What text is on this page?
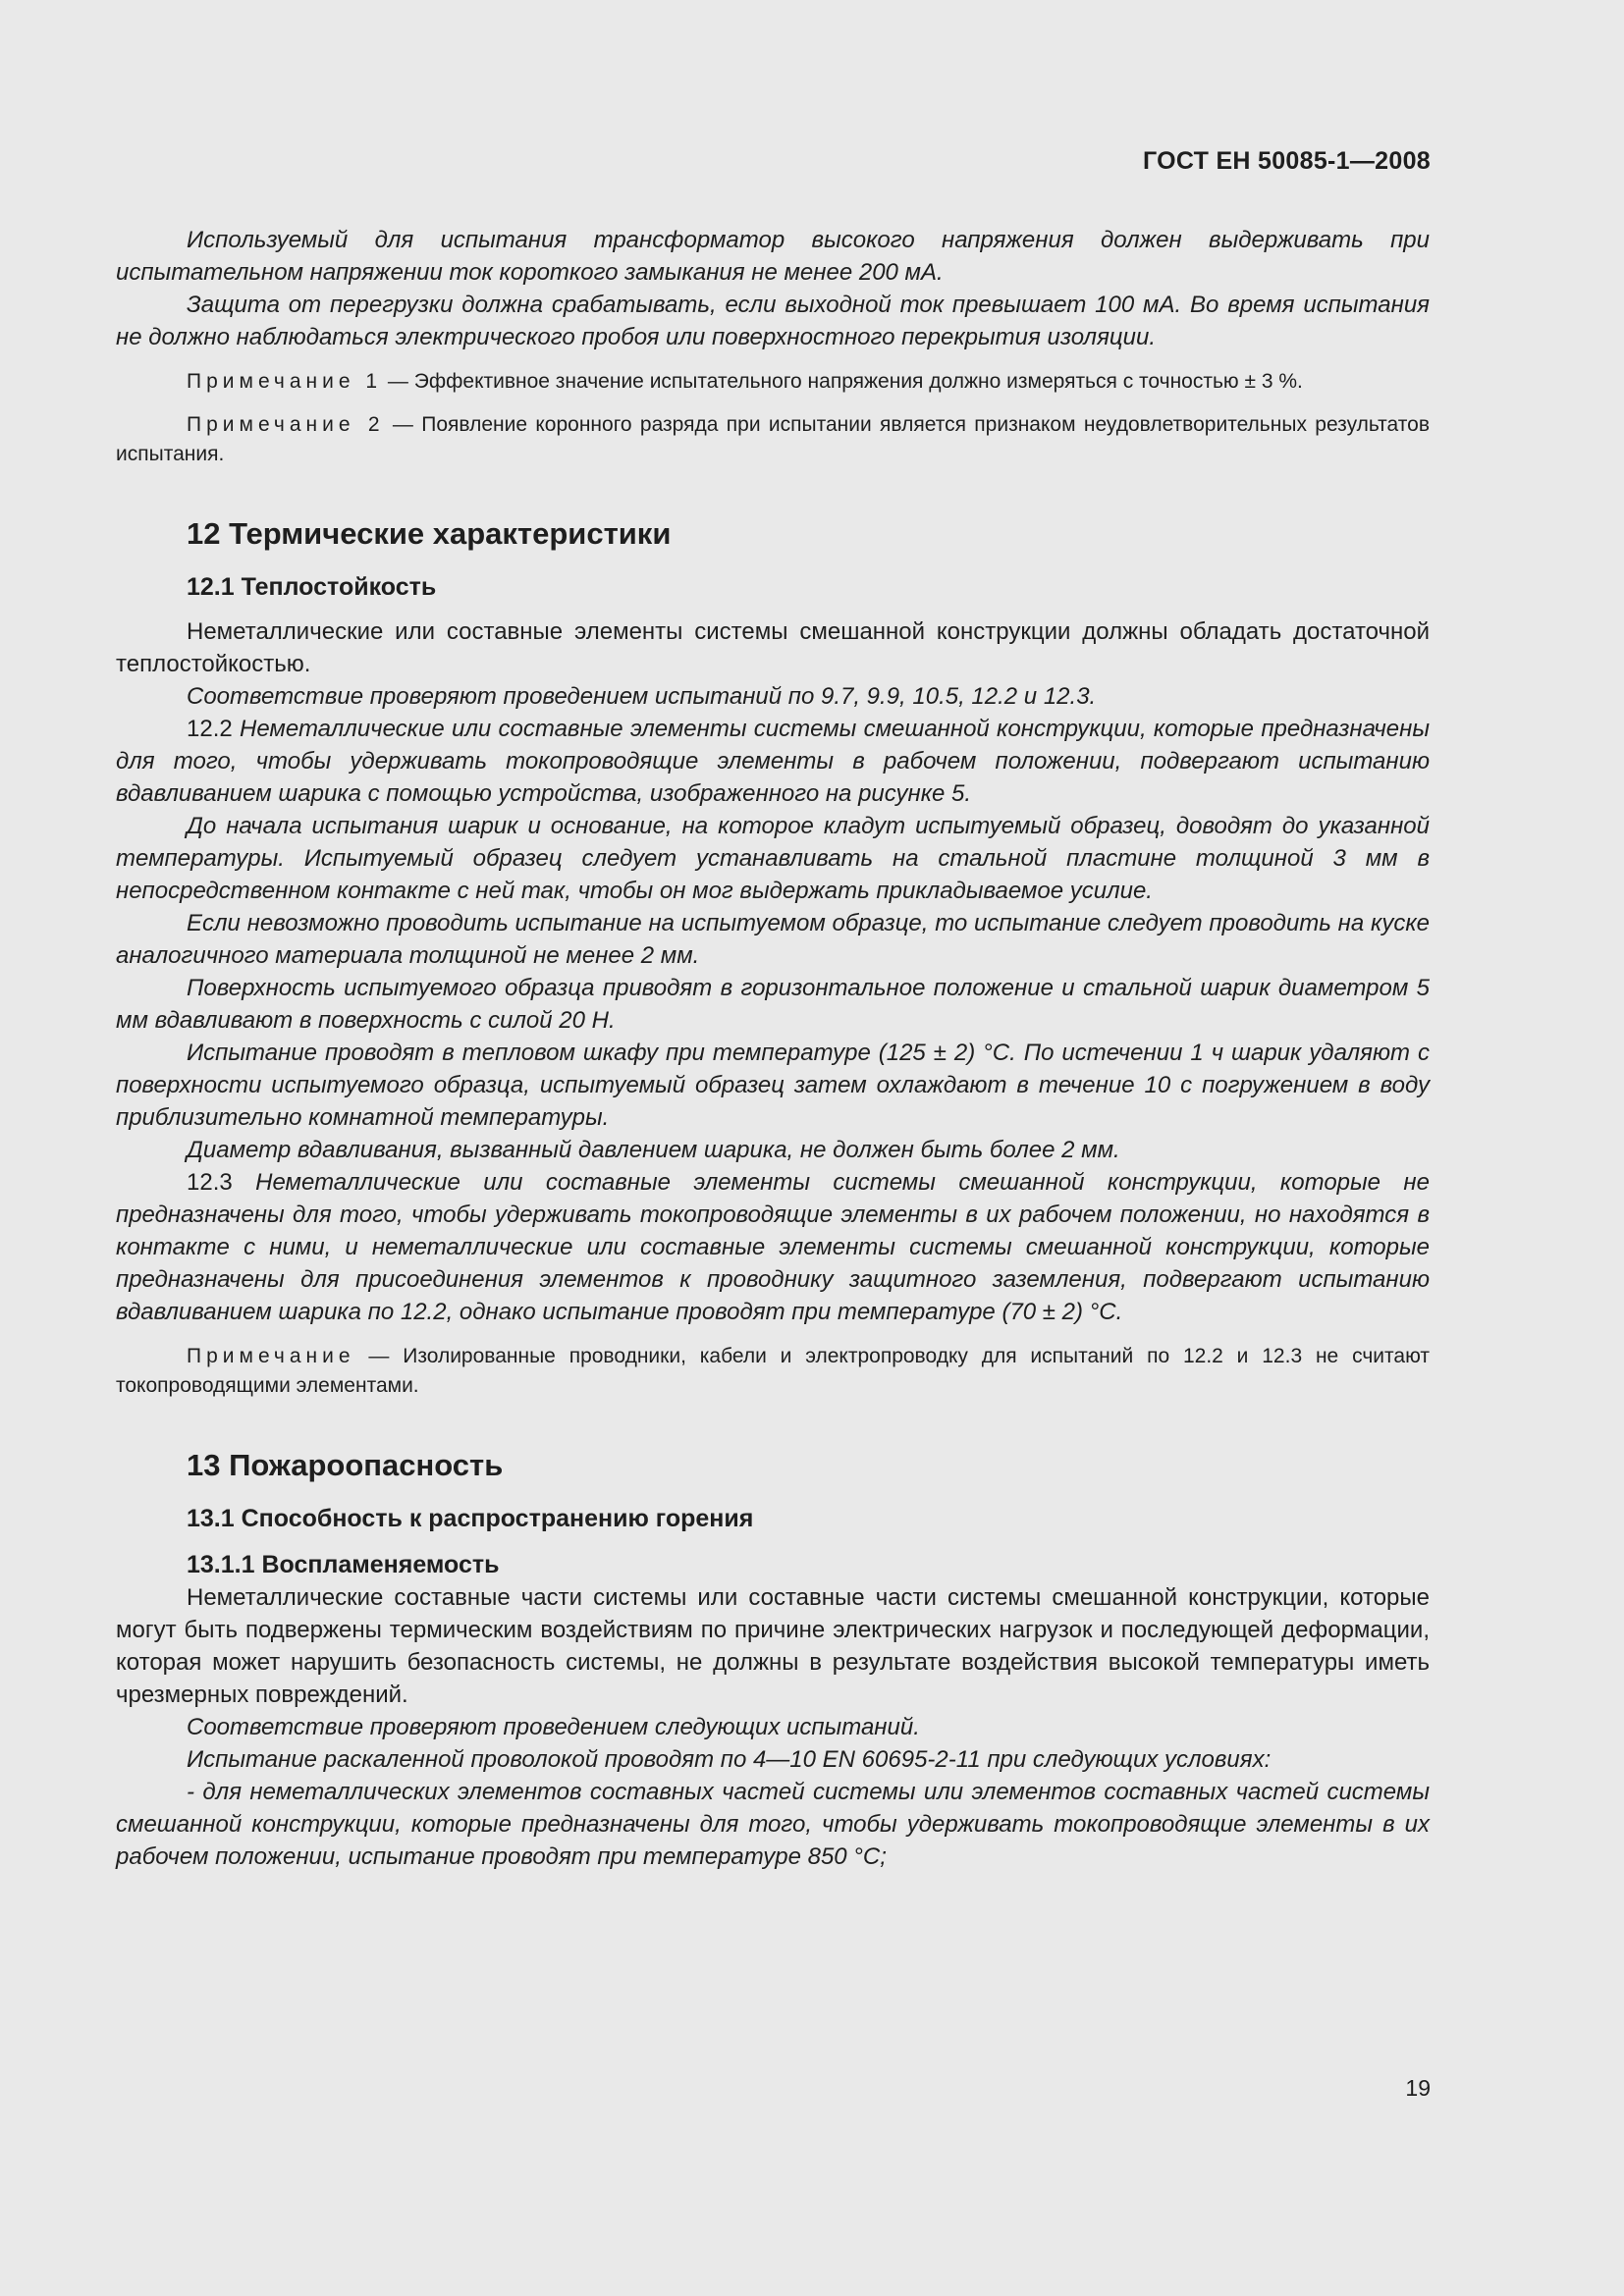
ГОСТ ЕН 50085-1—2008

Используемый для испытания трансформатор высокого напряжения должен выдерживать при испытательном напряжении ток короткого замыкания не менее 200 мА.

Защита от перегрузки должна срабатывать, если выходной ток превышает 100 мА. Во время испытания не должно наблюдаться электрического пробоя или поверхностного перекрытия изоляции.

Примечание 1 — Эффективное значение испытательного напряжения должно измеряться с точностью ± 3 %.

Примечание 2 — Появление коронного разряда при испытании является признаком неудовлетворительных результатов испытания.

12 Термические характеристики
12.1 Теплостойкость

Неметаллические или составные элементы системы смешанной конструкции должны обладать достаточной теплостойкостью.

Соответствие проверяют проведением испытаний по 9.7, 9.9, 10.5, 12.2 и 12.3.

12.2 Неметаллические или составные элементы системы смешанной конструкции, которые предназначены для того, чтобы удерживать токопроводящие элементы в рабочем положении, подвергают испытанию вдавливанием шарика с помощью устройства, изображенного на рисунке 5.

До начала испытания шарик и основание, на которое кладут испытуемый образец, доводят до указанной температуры. Испытуемый образец следует устанавливать на стальной пластине толщиной 3 мм в непосредственном контакте с ней так, чтобы он мог выдержать прикладываемое усилие.

Если невозможно проводить испытание на испытуемом образце, то испытание следует проводить на куске аналогичного материала толщиной не менее 2 мм.

Поверхность испытуемого образца приводят в горизонтальное положение и стальной шарик диаметром 5 мм вдавливают в поверхность с силой 20 Н.

Испытание проводят в тепловом шкафу при температуре (125 ± 2) °С. По истечении 1 ч шарик удаляют с поверхности испытуемого образца, испытуемый образец затем охлаждают в течение 10 с погружением в воду приблизительно комнатной температуры.

Диаметр вдавливания, вызванный давлением шарика, не должен быть более 2 мм.

12.3 Неметаллические или составные элементы системы смешанной конструкции, которые не предназначены для того, чтобы удерживать токопроводящие элементы в их рабочем положении, но находятся в контакте с ними, и неметаллические или составные элементы системы смешанной конструкции, которые предназначены для присоединения элементов к проводнику защитного заземления, подвергают испытанию вдавливанием шарика по 12.2, однако испытание проводят при температуре (70 ± 2) °С.

Примечание — Изолированные проводники, кабели и электропроводку для испытаний по 12.2 и 12.3 не считают токопроводящими элементами.

13 Пожароопасность
13.1 Способность к распространению горения
13.1.1 Воспламеняемость

Неметаллические составные части системы или составные части системы смешанной конструкции, которые могут быть подвержены термическим воздействиям по причине электрических нагрузок и последующей деформации, которая может нарушить безопасность системы, не должны в результате воздействия высокой температуры иметь чрезмерных повреждений.

Соответствие проверяют проведением следующих испытаний.

Испытание раскаленной проволокой проводят по 4—10 EN 60695-2-11 при следующих условиях:

- для неметаллических элементов составных частей системы или элементов составных частей системы смешанной конструкции, которые предназначены для того, чтобы удерживать токопроводящие элементы в их рабочем положении, испытание проводят при температуре 850 °С;

19
